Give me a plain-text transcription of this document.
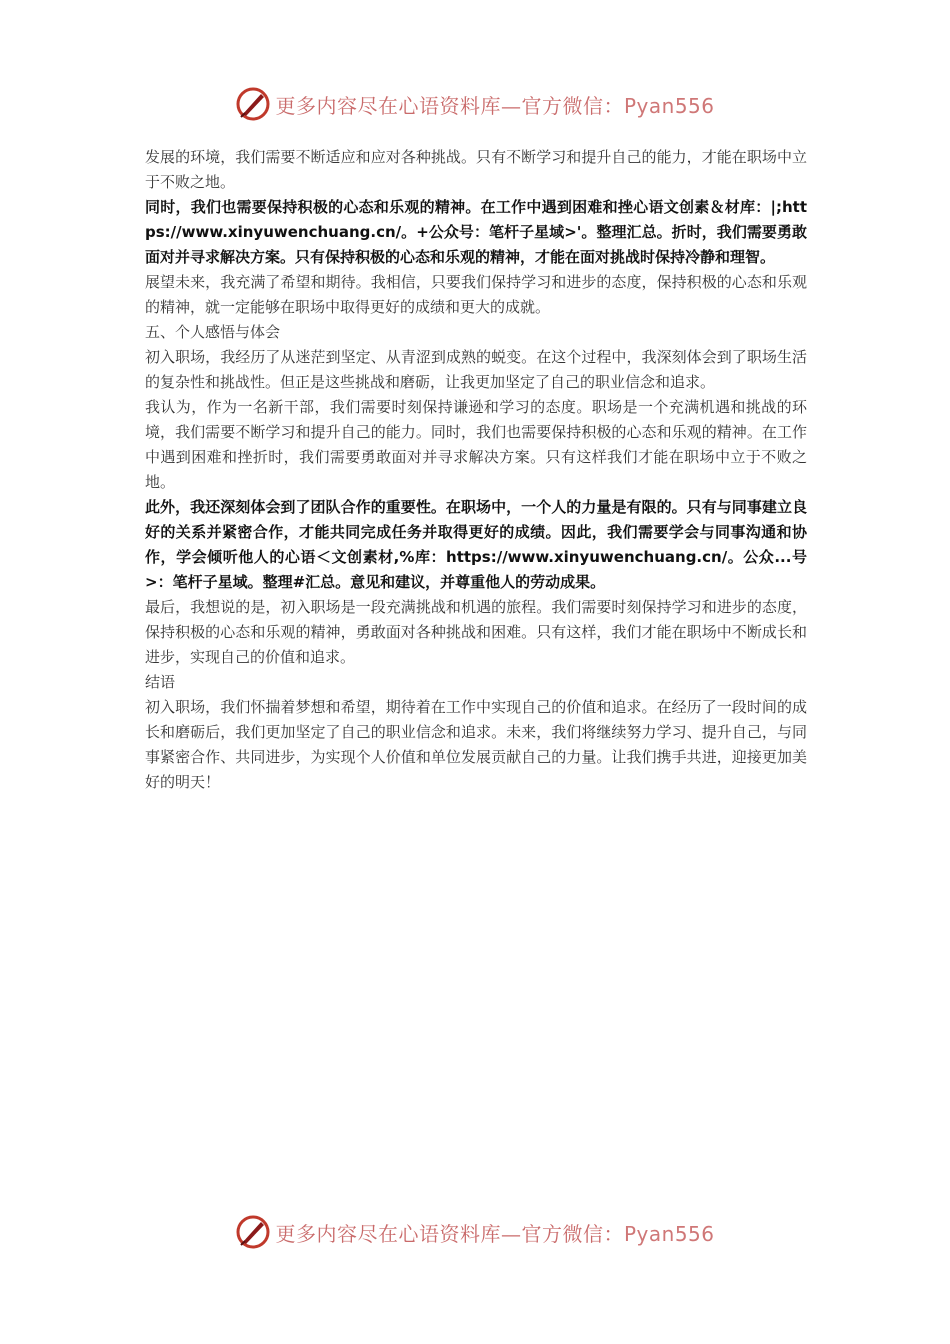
更多内容尽在心语资料库—官方微信：Pyan556

发展的环境，我们需要不断适应和应对各种挑战。只有不断学习和提升自己的能力，才能在职场中立于不败之地。

同时，我们也需要保持积极的心态和乐观的精神。在工作中遇到困难和挫心语文创素＆材库：|;https://www.xinyuwenchuang.cn/。+公众号：笔杆子星域>'。整理汇总。折时，我们需要勇敢面对并寻求解决方案。只有保持积极的心态和乐观的精神，才能在面对挑战时保持冷静和理智。

展望未来，我充满了希望和期待。我相信，只要我们保持学习和进步的态度，保持积极的心态和乐观的精神，就一定能够在职场中取得更好的成绩和更大的成就。

五、个人感悟与体会

初入职场，我经历了从迷茫到坚定、从青涩到成熟的蜕变。在这个过程中，我深刻体会到了职场生活的复杂性和挑战性。但正是这些挑战和磨砺，让我更加坚定了自己的职业信念和追求。

我认为，作为一名新干部，我们需要时刻保持谦逊和学习的态度。职场是一个充满机遇和挑战的环境，我们需要不断学习和提升自己的能力。同时，我们也需要保持积极的心态和乐观的精神。在工作中遇到困难和挫折时，我们需要勇敢面对并寻求解决方案。只有这样我们才能在职场中立于不败之地。

此外，我还深刻体会到了团队合作的重要性。在职场中，一个人的力量是有限的。只有与同事建立良好的关系并紧密合作，才能共同完成任务并取得更好的成绩。因此，我们需要学会与同事沟通和协作，学会倾听他人的心语＜文创素材,%库：https://www.xinyuwenchuang.cn/。公众...号>：笔杆子星域。整理#汇总。意见和建议，并尊重他人的劳动成果。

最后，我想说的是，初入职场是一段充满挑战和机遇的旅程。我们需要时刻保持学习和进步的态度，保持积极的心态和乐观的精神，勇敢面对各种挑战和困难。只有这样，我们才能在职场中不断成长和进步，实现自己的价值和追求。

结语

初入职场，我们怀揣着梦想和希望，期待着在工作中实现自己的价值和追求。在经历了一段时间的成长和磨砺后，我们更加坚定了自己的职业信念和追求。未来，我们将继续努力学习、提升自己，与同事紧密合作、共同进步，为实现个人价值和单位发展贡献自己的力量。让我们携手共进，迎接更加美好的明天！

更多内容尽在心语资料库—官方微信：Pyan556
